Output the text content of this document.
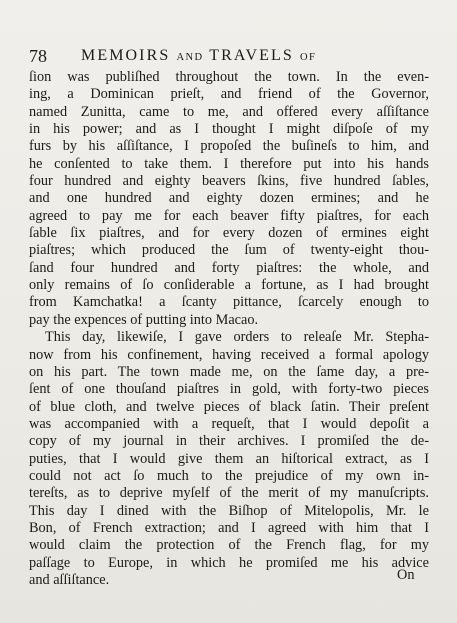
78 MEMOIRS AND TRAVELS OF
ſion was publiſhed throughout the town. In the even-
ing, a Dominican prieſt, and friend of the Governor,
named Zunitta, came to me, and offered every aſſiſtance
in his power; and as I thought I might diſpoſe of my
furs by his aſſiſtance, I propoſed the buſineſs to him, and
he conſented to take them. I therefore put into his hands
four hundred and eighty beavers ſkins, five hundred ſables,
and one hundred and eighty dozen ermines; and he
agreed to pay me for each beaver fifty piaſtres, for each
ſable ſix piaſtres, and for every dozen of ermines eight
piaſtres; which produced the ſum of twenty-eight thou-
ſand four hundred and forty piaſtres: the whole, and
only remains of ſo conſiderable a fortune, as I had brought
from Kamchatka! a ſcanty pittance, ſcarcely enough to
pay the expences of putting into Macao.
This day, likewiſe, I gave orders to releaſe Mr. Stepha-
now from his confinement, having received a formal apology
on his part. The town made me, on the ſame day, a pre-
ſent of one thouſand piaſtres in gold, with forty-two pieces
of blue cloth, and twelve pieces of black ſatin. Their preſent
was accompanied with a requeſt, that I would depoſit a
copy of my journal in their archives. I promiſed the de-
puties, that I would give them an hiſtorical extract, as I
could not act ſo much to the prejudice of my own in-
tereſts, as to deprive myſelf of the merit of my manuſcripts.
This day I dined with the Biſhop of Mitelopolis, Mr. le
Bon, of French extraction; and I agreed with him that I
would claim the protection of the French flag, for my
paſſage to Europe, in which he promiſed me his advice
and aſſiſtance.	On
